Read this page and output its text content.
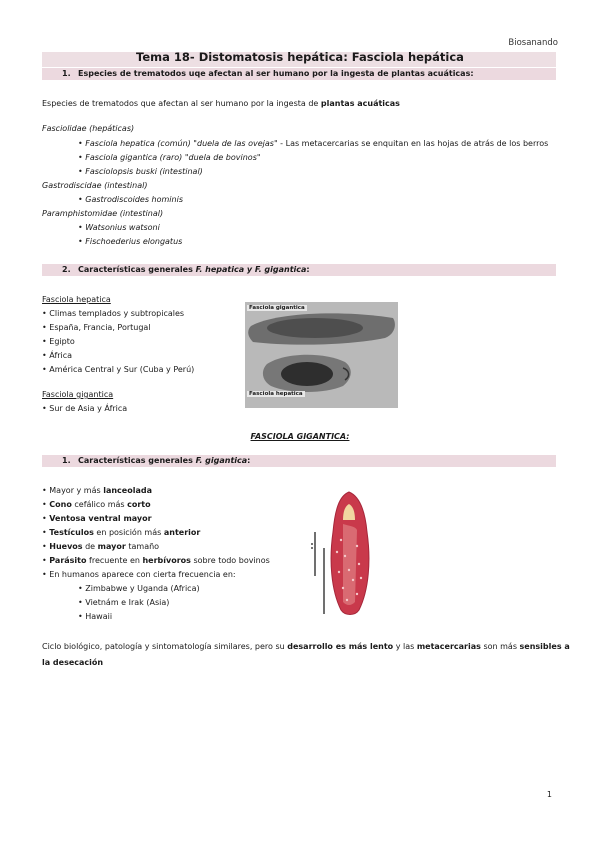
Biosanando
Tema 18- Distomatosis hepática: Fasciola hepática
1. Especies de trematodos uqe afectan al ser humano por la ingesta de plantas acuáticas:
Especies de trematodos que afectan al ser humano por la ingesta de plantas acuáticas
Fasciolidae (hepáticas)
• Fasciola hepatica (común) "duela de las ovejas" - Las metacercarias se enquitan en las hojas de atrás de los berros
• Fasciola gigantica (raro) "duela de bovinos"
• Fasciolopsis buski (intestinal)
Gastrodiscidae (intestinal)
• Gastrodiscoides hominis
Paramphistomidae (intestinal)
• Watsonius watsoni
• Fischoederius elongatus
2. Características generales F. hepatica y F. gigantica:
Fasciola hepatica
• Climas templados y subtropicales
• España, Francia, Portugal
• Egipto
• África
• América Central y Sur (Cuba y Perú)
Fasciola gigantica
• Sur de Asia y África
Fasciola gigantica
Fasciola hepatica
FASCIOLA GIGANTICA:
1. Características generales F. gigantica:
• Mayor y más lanceolada
• Cono cefálico más corto
• Ventosa ventral mayor
• Testículos en posición más anterior
• Huevos de mayor tamaño
• Parásito frecuente en herbívoros sobre todo bovinos
• En humanos aparece con cierta frecuencia en:
• Zimbabwe y Uganda (Africa)
• Vietnám e Irak (Asia)
• Hawaii
Ciclo biológico, patología y sintomatología similares, pero su desarrollo es más lento y las metacercarias son más sensibles a
la desecación
1
